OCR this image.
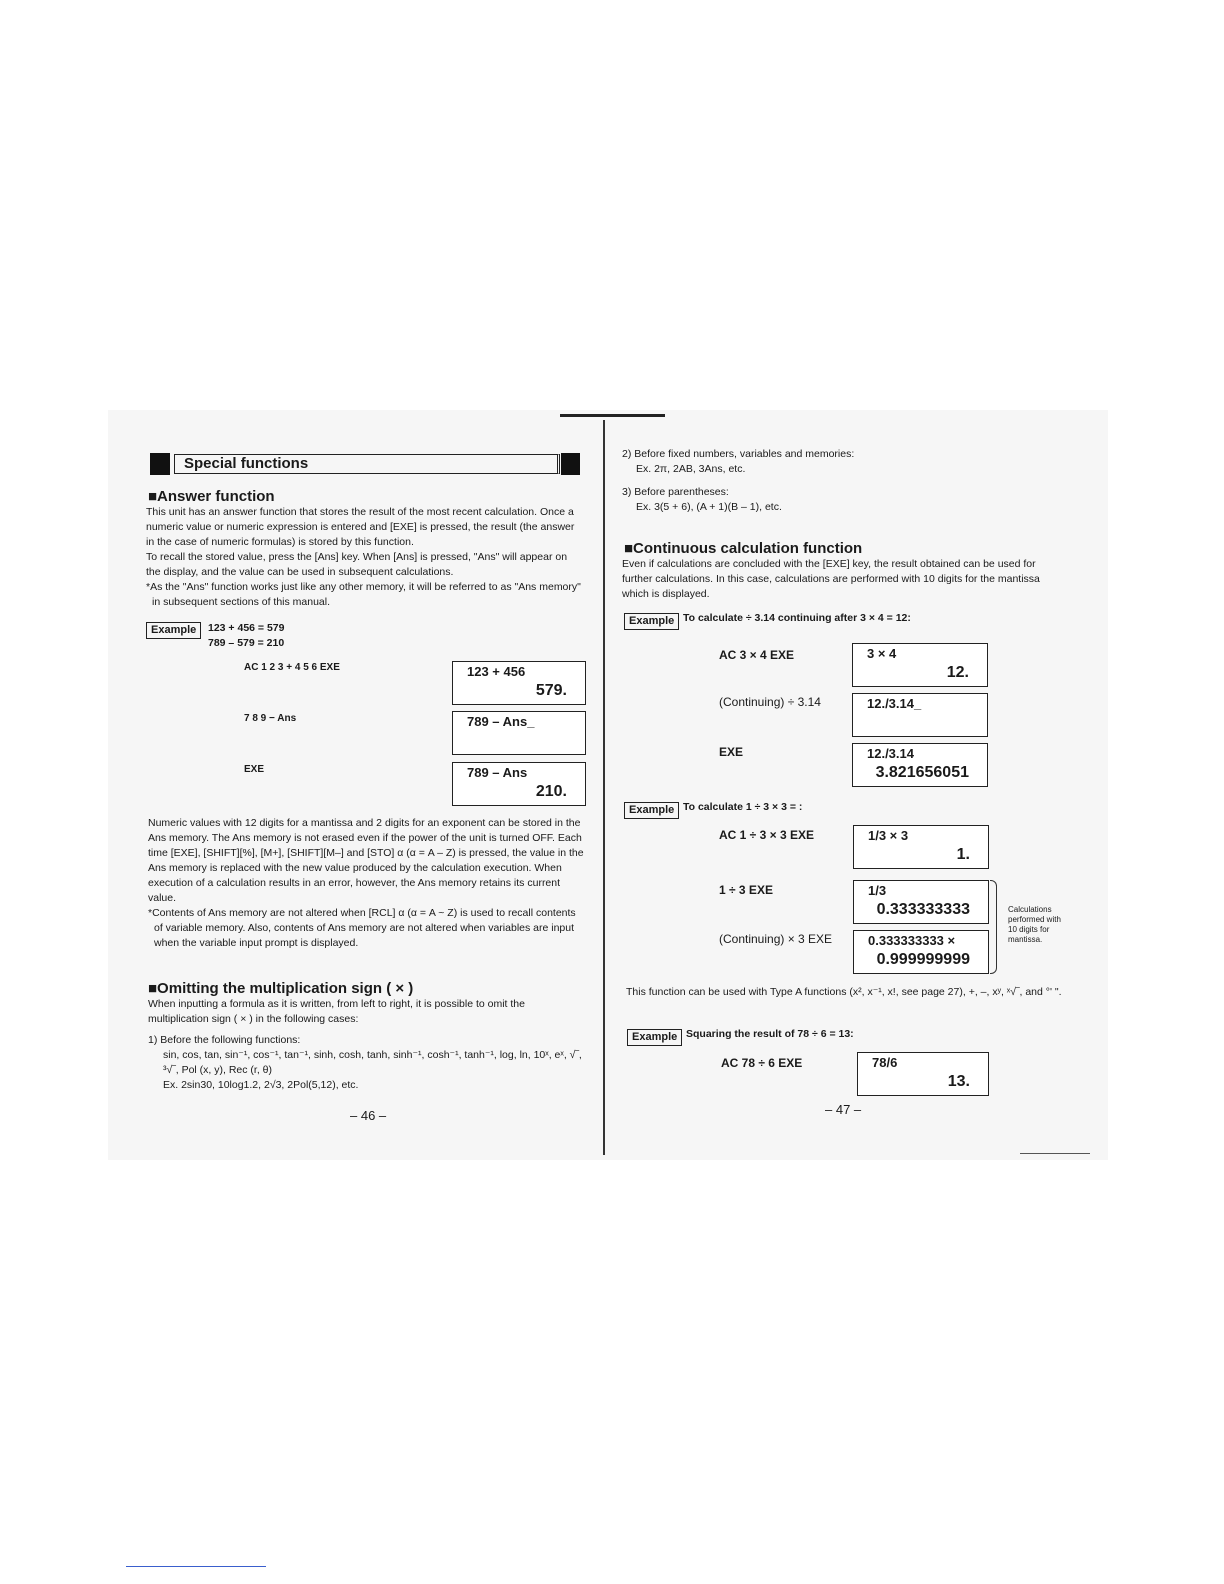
Special functions
■Answer function

This unit has an answer function that stores the result of the most recent calculation. Once a numeric value or numeric expression is entered and [EXE] is pressed, the result (the answer in the case of numeric formulas) is stored by this function.

To recall the stored value, press the [Ans] key. When [Ans] is pressed, "Ans" will appear on the display, and the value can be used in subsequent calculations.

*As the "Ans" function works just like any other memory, it will be referred to as "Ans memory" in subsequent sections of this manual.

Example	123 + 456 = 579
789 – 579 = 210
AC 1 2 3 + 4 5 6 EXE	123 + 456
579.
7 8 9 − Ans	789 – Ans_
EXE	789 – Ans
210.

Numeric values with 12 digits for a mantissa and 2 digits for an exponent can be stored in the Ans memory. The Ans memory is not erased even if the power of the unit is turned OFF. Each time [EXE], [SHIFT][%], [M+], [SHIFT][M–] and [STO] α (α = A – Z) is pressed, the value in the Ans memory is replaced with the new value produced by the calculation execution. When execution of a calculation results in an error, however, the Ans memory retains its current value.

*Contents of Ans memory are not altered when [RCL] α (α = A ~ Z) is used to recall contents of variable memory. Also, contents of Ans memory are not altered when variables are input when the variable input prompt is displayed.

■Omitting the multiplication sign ( × )

When inputting a formula as it is written, from left to right, it is possible to omit the multiplication sign ( × ) in the following cases:

1) Before the following functions:

sin, cos, tan, sin⁻¹, cos⁻¹, tan⁻¹, sinh, cosh, tanh, sinh⁻¹, cosh⁻¹, tanh⁻¹, log, ln, 10ˣ, eˣ, √‾, ³√‾, Pol (x, y), Rec (r, θ)

Ex. 2sin30, 10log1.2, 2√3, 2Pol(5,12), etc.

– 46 –

2) Before fixed numbers, variables and memories:

Ex. 2π, 2AB, 3Ans, etc.

3) Before parentheses:

Ex. 3(5 + 6), (A + 1)(B – 1), etc.

■Continuous calculation function
Even if calculations are concluded with the [EXE] key, the result obtained can be used for further calculations. In this case, calculations are performed with 10 digits for the mantissa which is displayed.
Example To calculate ÷ 3.14 continuing after 3 × 4 = 12:
AC 3 × 4 EXE	3 × 4
12.
(Continuing) ÷ 3.14	12./3.14_
EXE	12./3.14
3.821656051
Example To calculate 1 ÷ 3 × 3 = :
AC 1 ÷ 3 × 3 EXE	1/3 × 3
1.
1 ÷ 3 EXE	1/3
0.333333333
(Continuing) × 3 EXE	0.333333333 ×
0.999999999
Calculations performed with 10 digits for mantissa.
This function can be used with Type A functions (x², x⁻¹, x!, see page 27), +, –, xʸ, ˣ√‾, and °' ".
Example Squaring the result of 78 ÷ 6 = 13:
AC 78 ÷ 6 EXE	78/6
13.
– 47 –
